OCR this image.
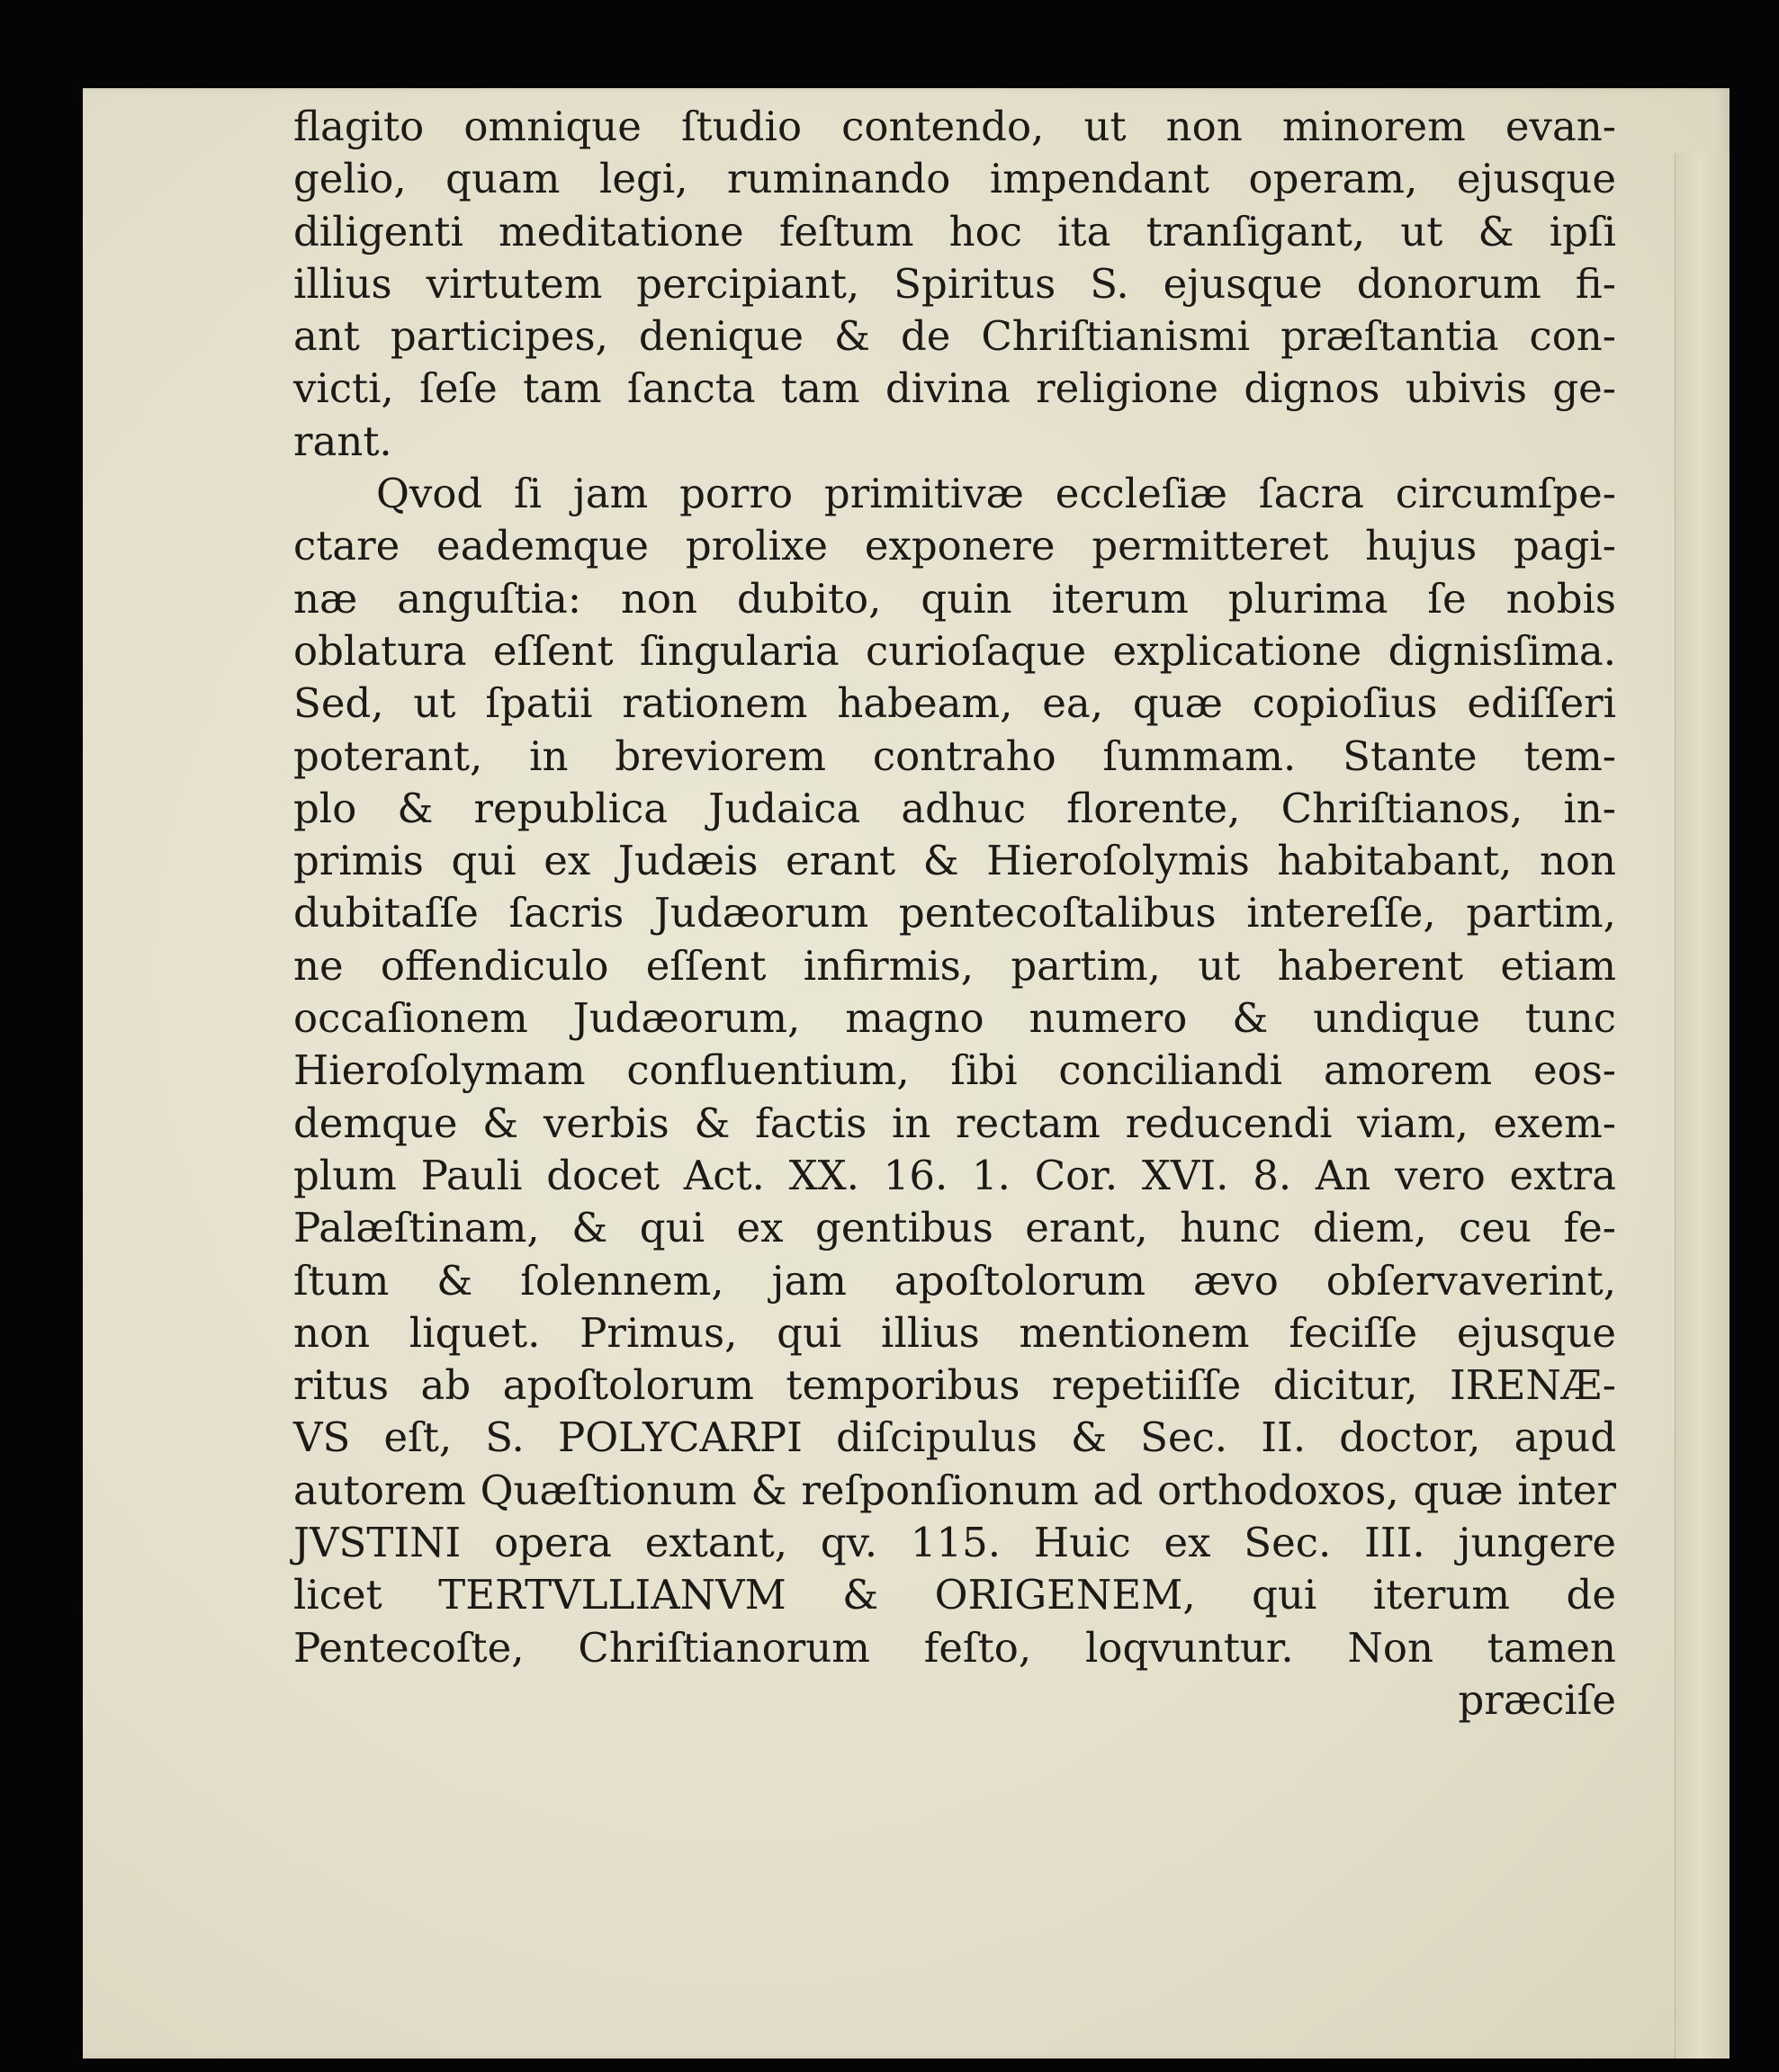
flagito omnique ſtudio contendo, ut non minorem evan-
gelio, quam legi, ruminando impendant operam, ejusque
diligenti meditatione feſtum hoc ita tranſigant, ut & ipſi
illius virtutem percipiant, Spiritus S. ejusque donorum fi-
ant participes, denique & de Chriſtianismi præſtantia con-
victi, ſeſe tam ſancta tam divina religione dignos ubivis ge-
rant.
Qvod ſi jam porro primitivæ eccleſiæ ſacra circumſpe-
ctare eademque prolixe exponere permitteret hujus pagi-
næ anguſtia: non dubito, quin iterum plurima ſe nobis
oblatura eſſent ſingularia curioſaque explicatione dignisſima.
Sed, ut ſpatii rationem habeam, ea, quæ copioſius ediſſeri
poterant, in breviorem contraho ſummam. Stante tem-
plo & republica Judaica adhuc florente, Chriſtianos, in-
primis qui ex Judæis erant & Hieroſolymis habitabant, non
dubitaſſe ſacris Judæorum pentecoſtalibus intereſſe, partim,
ne offendiculo eſſent infirmis, partim, ut haberent etiam
occaſionem Judæorum, magno numero & undique tunc
Hieroſolymam confluentium, ſibi conciliandi amorem eos-
demque & verbis & factis in rectam reducendi viam, exem-
plum Pauli docet Act. XX. 16. 1. Cor. XVI. 8. An vero extra
Palæſtinam, & qui ex gentibus erant, hunc diem, ceu fe-
ſtum & ſolennem, jam apoſtolorum ævo obſervaverint,
non liquet. Primus, qui illius mentionem feciſſe ejusque
ritus ab apoſtolorum temporibus repetiiſſe dicitur, IRENÆ-
VS eſt, S. POLYCARPI diſcipulus & Sec. II. doctor, apud
autorem Quæſtionum & reſponſionum ad orthodoxos, quæ inter
JVSTINI opera extant, qv. 115. Huic ex Sec. III. jungere
licet TERTVLLIANVM & ORIGENEM, qui iterum de
Pentecoſte, Chriſtianorum feſto, loqvuntur. Non tamen
præciſe
